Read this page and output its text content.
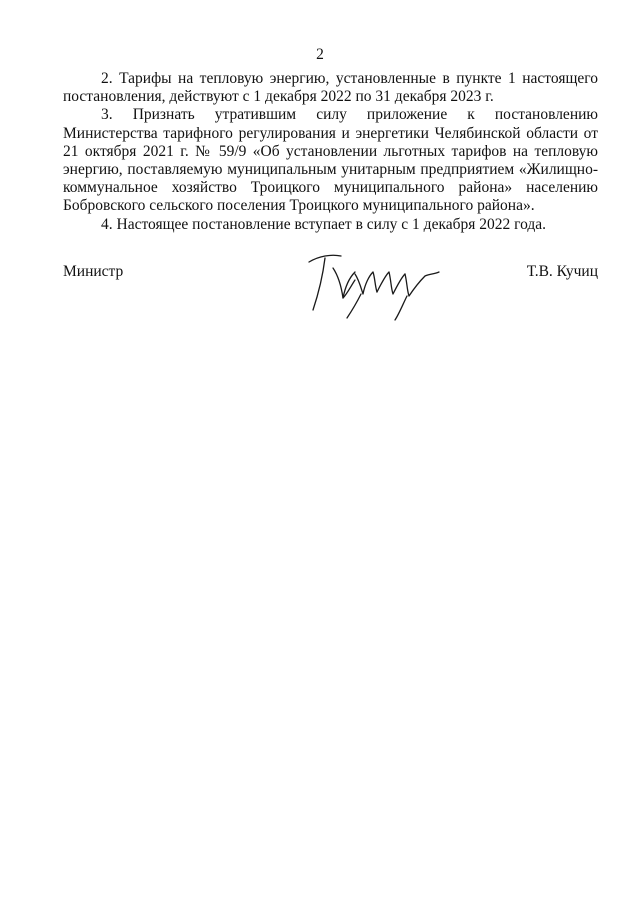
2

2. Тарифы на тепловую энергию, установленные в пункте 1 настоящего постановления, действуют с 1 декабря 2022 по 31 декабря 2023 г.

3. Признать утратившим силу приложение к постановлению Министерства тарифного регулирования и энергетики Челябинской области от 21 октября 2021 г. № 59/9 «Об установлении льготных тарифов на тепловую энергию, поставляемую муниципальным унитарным предприятием «Жилищно-коммунальное хозяйство Троицкого муниципального района» населению Бобровского сельского поселения Троицкого муниципального района».

4. Настоящее постановление вступает в силу с 1 декабря 2022 года.

Министр	Т.В. Кучиц
